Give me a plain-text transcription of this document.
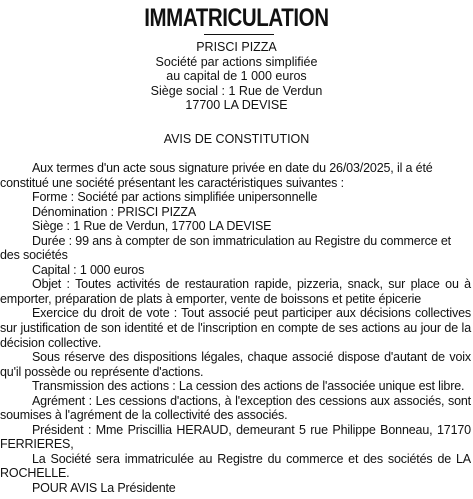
IMMATRICULATION
PRISCI PIZZA
Société par actions simplifiée
au capital de 1 000 euros
Siège social : 1 Rue de Verdun
17700 LA DEVISE
AVIS DE CONSTITUTION

Aux termes d'un acte sous signature privée en date du 26/03/2025, il a été constitué une société présentant les caractéristiques suivantes :

Forme : Société par actions simplifiée unipersonnelle

Dénomination : PRISCI PIZZA

Siège : 1 Rue de Verdun, 17700 LA DEVISE

Durée : 99 ans à compter de son immatriculation au Registre du commerce et des sociétés

Capital : 1 000 euros

Objet : Toutes activités de restauration rapide, pizzeria, snack, sur place ou à emporter, préparation de plats à emporter, vente de boissons et petite épicerie

Exercice du droit de vote : Tout associé peut participer aux décisions collectives sur justification de son identité et de l'inscription en compte de ses actions au jour de la décision collective.

Sous réserve des dispositions légales, chaque associé dispose d'autant de voix qu'il possède ou représente d'actions.

Transmission des actions : La cession des actions de l'associée unique est libre.

Agrément : Les cessions d'actions, à l'exception des cessions aux associés, sont soumises à l'agrément de la collectivité des associés.

Président : Mme Priscillia HERAUD, demeurant 5 rue Philippe Bonneau, 17170 FERRIERES,

La Société sera immatriculée au Registre du commerce et des sociétés de LA ROCHELLE.

POUR AVIS La Présidente
